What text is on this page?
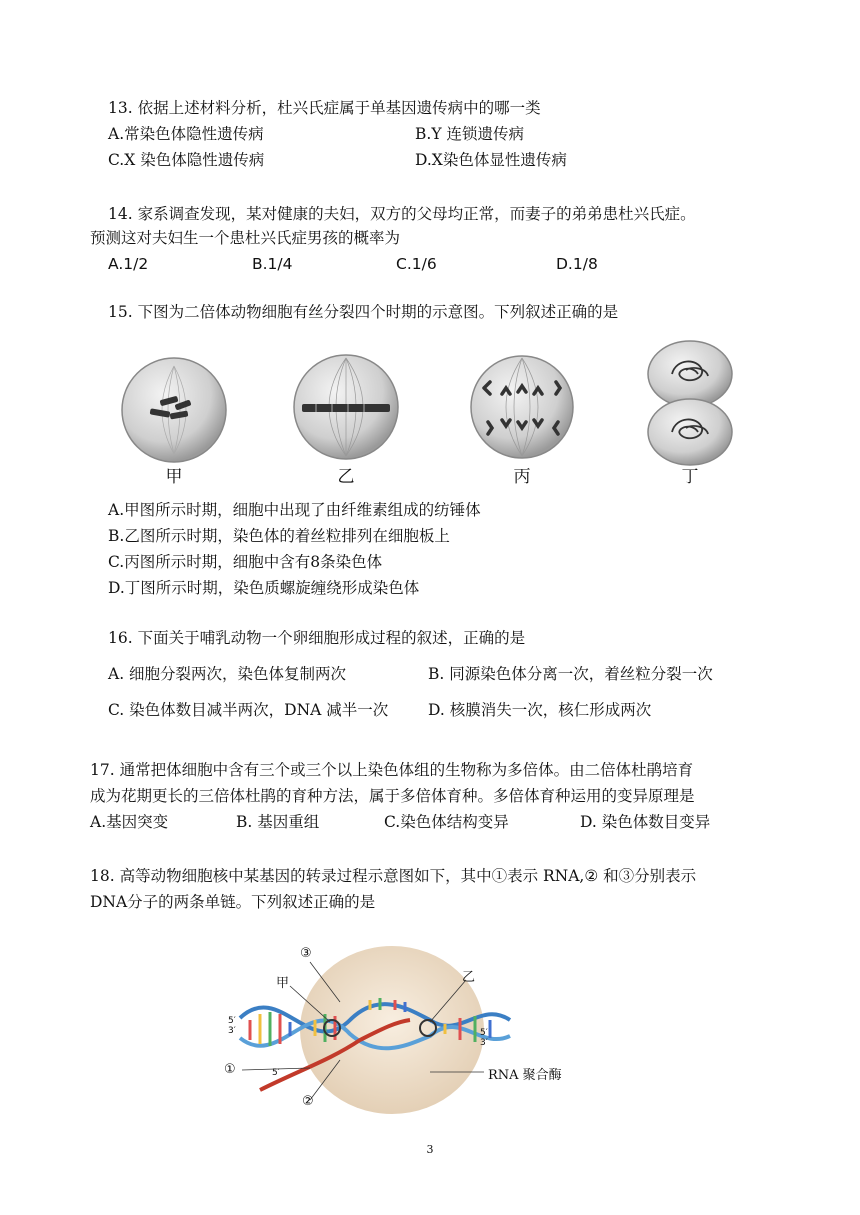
13. 依据上述材料分析，杜兴氏症属于单基因遗传病中的哪一类
A.常染色体隐性遗传病	B.Y 连锁遗传病
C.X 染色体隐性遗传病	D.X染色体显性遗传病
14. 家系调查发现，某对健康的夫妇，双方的父母均正常，而妻子的弟弟患杜兴氏症。
预测这对夫妇生一个患杜兴氏症男孩的概率为
A.1/2	B.1/4	C.1/6	D.1/8
15. 下图为二倍体动物细胞有丝分裂四个时期的示意图。下列叙述正确的是
甲	乙	丙	丁
A.甲图所示时期，细胞中出现了由纤维素组成的纺锤体
B.乙图所示时期，染色体的着丝粒排列在细胞板上
C.丙图所示时期，细胞中含有8条染色体
D.丁图所示时期，染色质螺旋缠绕形成染色体
16. 下面关于哺乳动物一个卵细胞形成过程的叙述，正确的是
A. 细胞分裂两次，染色体复制两次	B. 同源染色体分离一次，着丝粒分裂一次
C. 染色体数目减半两次，DNA 减半一次	D. 核膜消失一次，核仁形成两次
17. 通常把体细胞中含有三个或三个以上染色体组的生物称为多倍体。由二倍体杜鹃培育
成为花期更长的三倍体杜鹃的育种方法，属于多倍体育种。多倍体育种运用的变异原理是
A.基因突变	B. 基因重组	C.染色体结构变异	D. 染色体数目变异
18. 高等动物细胞核中某基因的转录过程示意图如下，其中①表示 RNA,② 和③分别表示
DNA分子的两条单链。下列叙述正确的是
③
甲	乙
①
②
RNA 聚合酶
5′
3′	5′
3′
5′
3
